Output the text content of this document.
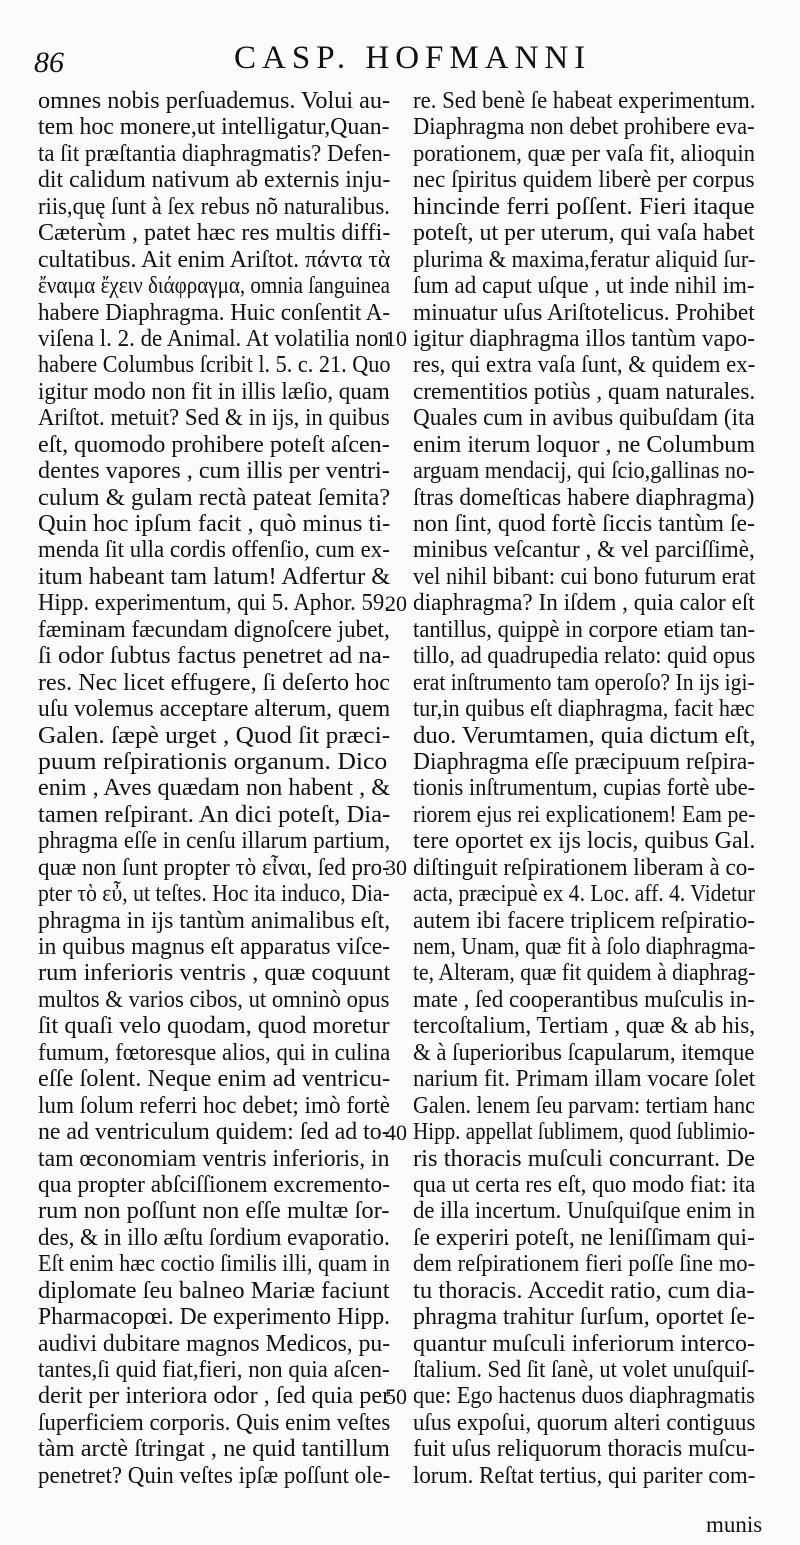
86	CASP. HOFMANNI
omnes nobis perſuademus. Volui au-
tem hoc monere,ut intelligatur,Quan-
ta ſit præſtantia diaphragmatis? Defen-
dit calidum nativum ab externis inju-
riis,quę ſunt à ſex rebus nõ naturalibus.
Cæterùm , patet hæc res multis diffi-
cultatibus. Ait enim Ariſtot. πάντα τὰ
ἔναιμα ἔχειν διάφραγμα, omnia ſanguinea
habere Diaphragma. Huic conſentit A-
viſena l. 2. de Animal. At volatilia non
habere Columbus ſcribit l. 5. c. 21. Quo
igitur modo non fit in illis læſio, quam
Ariſtot. metuit? Sed & in ijs, in quibus
eſt, quomodo prohibere poteſt aſcen-
dentes vapores , cum illis per ventri-
culum & gulam rectà pateat ſemita?
Quin hoc ipſum facit , quò minus ti-
menda ſit ulla cordis offenſio, cum ex-
itum habeant tam latum! Adfertur &
Hipp. experimentum, qui 5. Aphor. 59.
fæminam fæcundam dignoſcere jubet,
ſi odor ſubtus factus penetret ad na-
res. Nec licet effugere, ſi deſerto hoc
uſu volemus acceptare alterum, quem
Galen. ſæpè urget , Quod ſit præci-
puum reſpirationis organum. Dico
enim , Aves quædam non habent , &
tamen reſpirant. An dici poteſt, Dia-
phragma eſſe in cenſu illarum partium,
quæ non ſunt propter τὸ εἶναι, ſed pro-
pter τὸ εὖ, ut teſtes. Hoc ita induco, Dia-
phragma in ijs tantùm animalibus eſt,
in quibus magnus eſt apparatus viſce-
rum inferioris ventris , quæ coquunt
multos & varios cibos, ut omninò opus
ſit quaſi velo quodam, quod moretur
fumum, fœtoresque alios, qui in culina
eſſe ſolent. Neque enim ad ventricu-
lum ſolum referri hoc debet; imò fortè
ne ad ventriculum quidem: ſed ad to-
tam œconomiam ventris inferioris, in
qua propter abſciſſionem excremento-
rum non poſſunt non eſſe multæ ſor-
des, & in illo æſtu ſordium evaporatio.
Eſt enim hæc coctio ſimilis illi, quam in
diplomate ſeu balneo Mariæ faciunt
Pharmacopœi. De experimento Hipp.
audivi dubitare magnos Medicos, pu-
tantes,ſi quid fiat,fieri, non quia aſcen-
derit per interiora odor , ſed quia per
ſuperficiem corporis. Quis enim veſtes
tàm arctè ſtringat , ne quid tantillum
penetret? Quin veſtes ipſæ poſſunt ole-
10
20
30
40
50
re. Sed benè ſe habeat experimentum.
Diaphragma non debet prohibere eva-
porationem, quæ per vaſa fit, alioquin
nec ſpiritus quidem liberè per corpus
hincinde ferri poſſent. Fieri itaque
poteſt, ut per uterum, qui vaſa habet
plurima & maxima,feratur aliquid ſur-
ſum ad caput uſque , ut inde nihil im-
minuatur uſus Ariſtotelicus. Prohibet
igitur diaphragma illos tantùm vapo-
res, qui extra vaſa ſunt, & quidem ex-
crementitios potiùs , quam naturales.
Quales cum in avibus quibuſdam (ita
enim iterum loquor , ne Columbum
arguam mendacij, qui ſcio,gallinas no-
ſtras domeſticas habere diaphragma)
non ſint, quod fortè ſiccis tantùm ſe-
minibus veſcantur , & vel parciſſimè,
vel nihil bibant: cui bono futurum erat
diaphragma? In iſdem , quia calor eſt
tantillus, quippè in corpore etiam tan-
tillo, ad quadrupedia relato: quid opus
erat inſtrumento tam operoſo? In ijs igi-
tur,in quibus eſt diaphragma, facit hæc
duo. Verumtamen, quia dictum eſt,
Diaphragma eſſe præcipuum reſpira-
tionis inſtrumentum, cupias fortè ube-
riorem ejus rei explicationem! Eam pe-
tere oportet ex ijs locis, quibus Gal.
diſtinguit reſpirationem liberam à co-
acta, præcipuè ex 4. Loc. aff. 4. Videtur
autem ibi facere triplicem reſpiratio-
nem, Unam, quæ fit à ſolo diaphragma-
te, Alteram, quæ fit quidem à diaphrag-
mate , ſed cooperantibus muſculis in-
tercoſtalium, Tertiam , quæ & ab his,
& à ſuperioribus ſcapularum, itemque
narium fit. Primam illam vocare ſolet
Galen. lenem ſeu parvam: tertiam hanc
Hipp. appellat ſublimem, quod ſublimio-
ris thoracis muſculi concurrant. De
qua ut certa res eſt, quo modo fiat: ita
de illa incertum. Unuſquiſque enim in
ſe experiri poteſt, ne leniſſimam qui-
dem reſpirationem fieri poſſe ſine mo-
tu thoracis. Accedit ratio, cum dia-
phragma trahitur ſurſum, oportet ſe-
quantur muſculi inferiorum interco-
ſtalium. Sed ſit ſanè, ut volet unuſquiſ-
que: Ego hactenus duos diaphragmatis
uſus expoſui, quorum alteri contiguus
fuit uſus reliquorum thoracis muſcu-
lorum. Reſtat tertius, qui pariter com-
munis
